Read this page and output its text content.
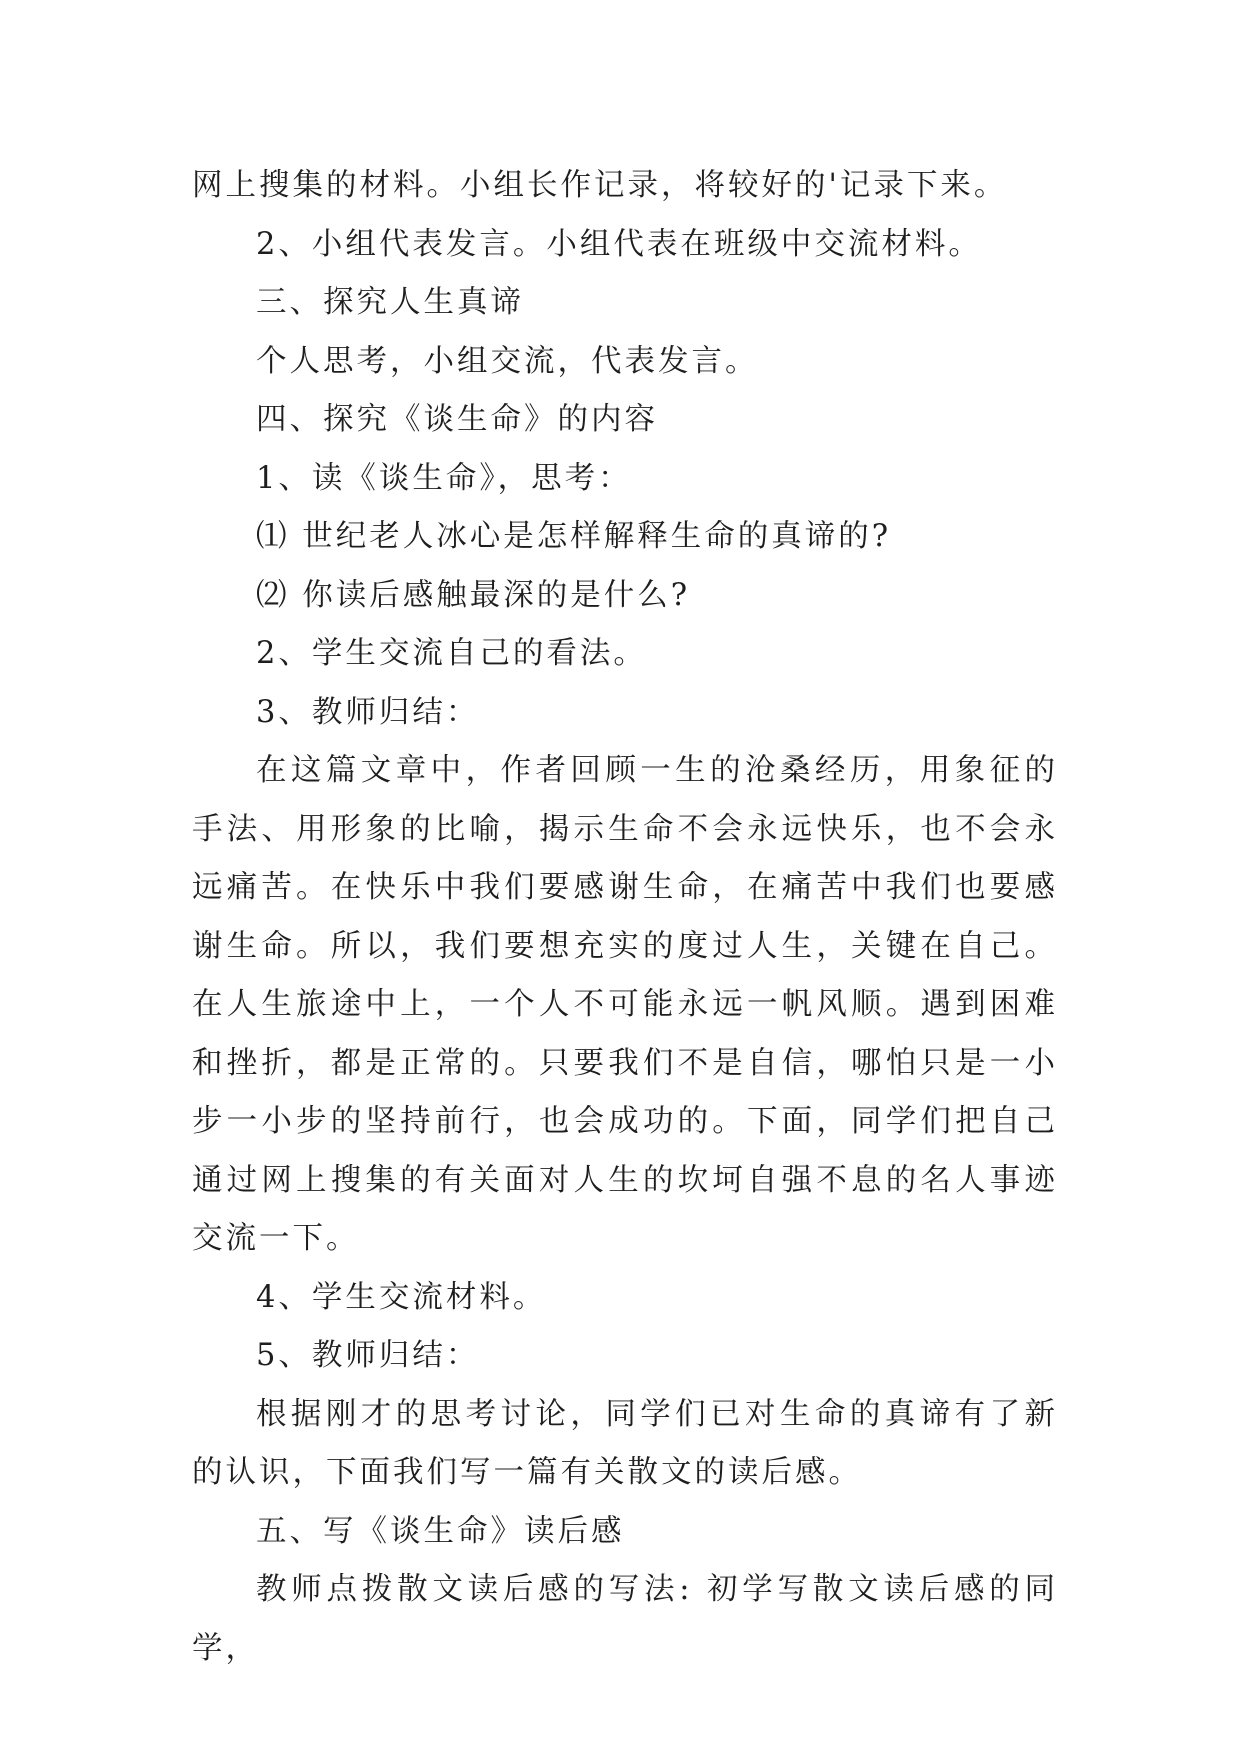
网上搜集的材料。小组长作记录，将较好的'记录下来。

2、小组代表发言。小组代表在班级中交流材料。

三、探究人生真谛

个人思考，小组交流，代表发言。

四、探究《谈生命》的内容

1、读《谈生命》，思考：

⑴ 世纪老人冰心是怎样解释生命的真谛的?

⑵ 你读后感触最深的是什么?

2、学生交流自己的看法。

3、教师归结：

在这篇文章中，作者回顾一生的沧桑经历，用象征的手法、用形象的比喻，揭示生命不会永远快乐，也不会永远痛苦。在快乐中我们要感谢生命，在痛苦中我们也要感谢生命。所以，我们要想充实的度过人生，关键在自己。在人生旅途中上，一个人不可能永远一帆风顺。遇到困难和挫折，都是正常的。只要我们不是自信，哪怕只是一小步一小步的坚持前行，也会成功的。下面，同学们把自己通过网上搜集的有关面对人生的坎坷自强不息的名人事迹交流一下。

4、学生交流材料。

5、教师归结：

根据刚才的思考讨论，同学们已对生命的真谛有了新的认识，下面我们写一篇有关散文的读后感。

五、写《谈生命》读后感

教师点拨散文读后感的写法: 初学写散文读后感的同学，
